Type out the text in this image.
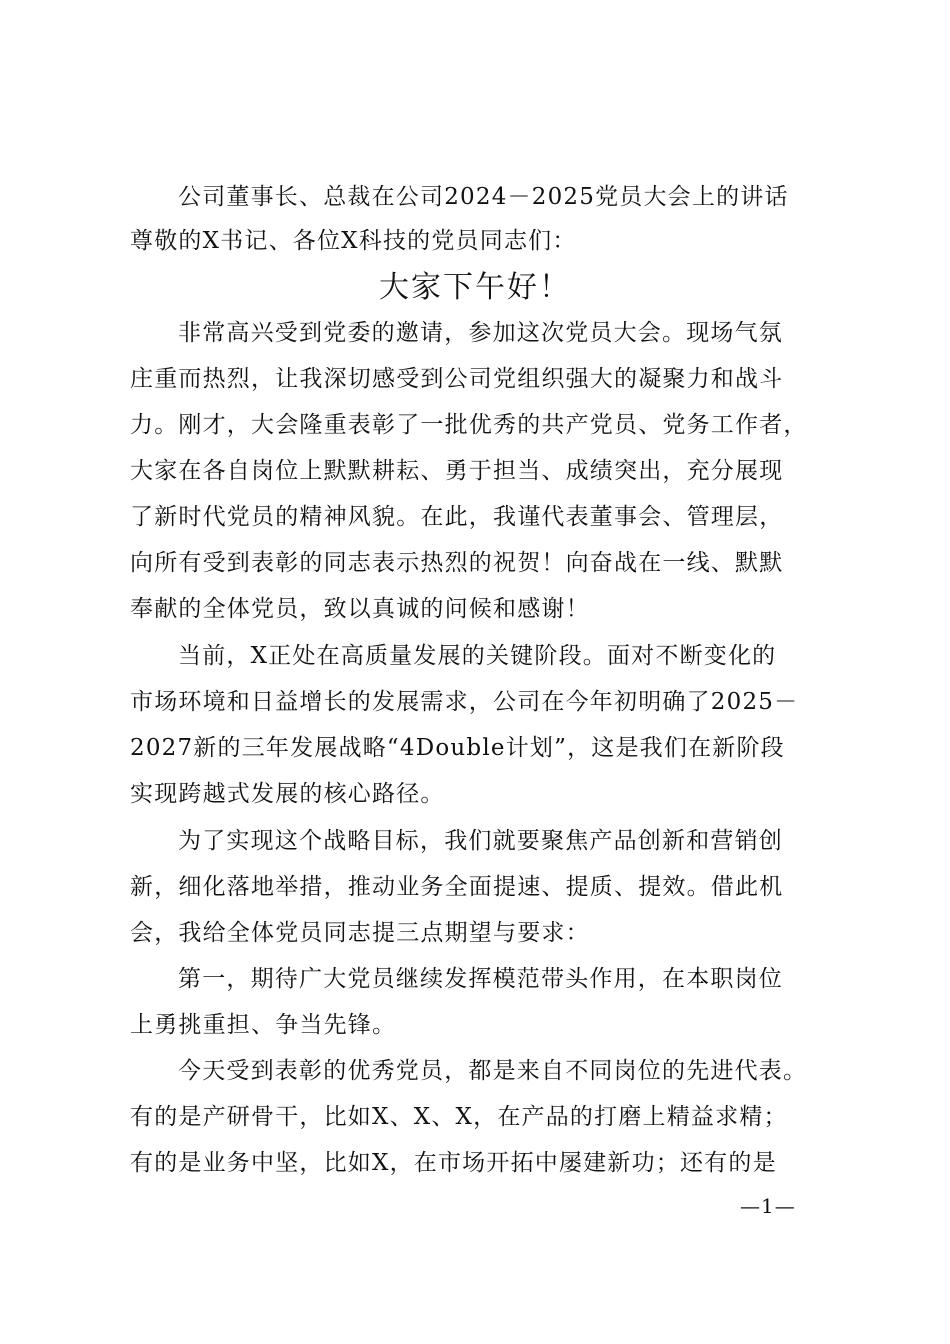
公司董事长、总裁在公司2024－2025党员大会上的讲话
尊敬的X书记、各位X科技的党员同志们：
大家下午好！
非常高兴受到党委的邀请，参加这次党员大会。现场气氛
庄重而热烈，让我深切感受到公司党组织强大的凝聚力和战斗
力。刚才，大会隆重表彰了一批优秀的共产党员、党务工作者，
大家在各自岗位上默默耕耘、勇于担当、成绩突出，充分展现
了新时代党员的精神风貌。在此，我谨代表董事会、管理层，
向所有受到表彰的同志表示热烈的祝贺！向奋战在一线、默默
奉献的全体党员，致以真诚的问候和感谢！
当前，X正处在高质量发展的关键阶段。面对不断变化的
市场环境和日益增长的发展需求，公司在今年初明确了2025－
2027新的三年发展战略“4Double计划”，这是我们在新阶段
实现跨越式发展的核心路径。
为了实现这个战略目标，我们就要聚焦产品创新和营销创
新，细化落地举措，推动业务全面提速、提质、提效。借此机
会，我给全体党员同志提三点期望与要求：
第一，期待广大党员继续发挥模范带头作用，在本职岗位
上勇挑重担、争当先锋。
今天受到表彰的优秀党员，都是来自不同岗位的先进代表。
有的是产研骨干，比如X、X、X，在产品的打磨上精益求精；
有的是业务中坚，比如X，在市场开拓中屡建新功；还有的是
—1—
